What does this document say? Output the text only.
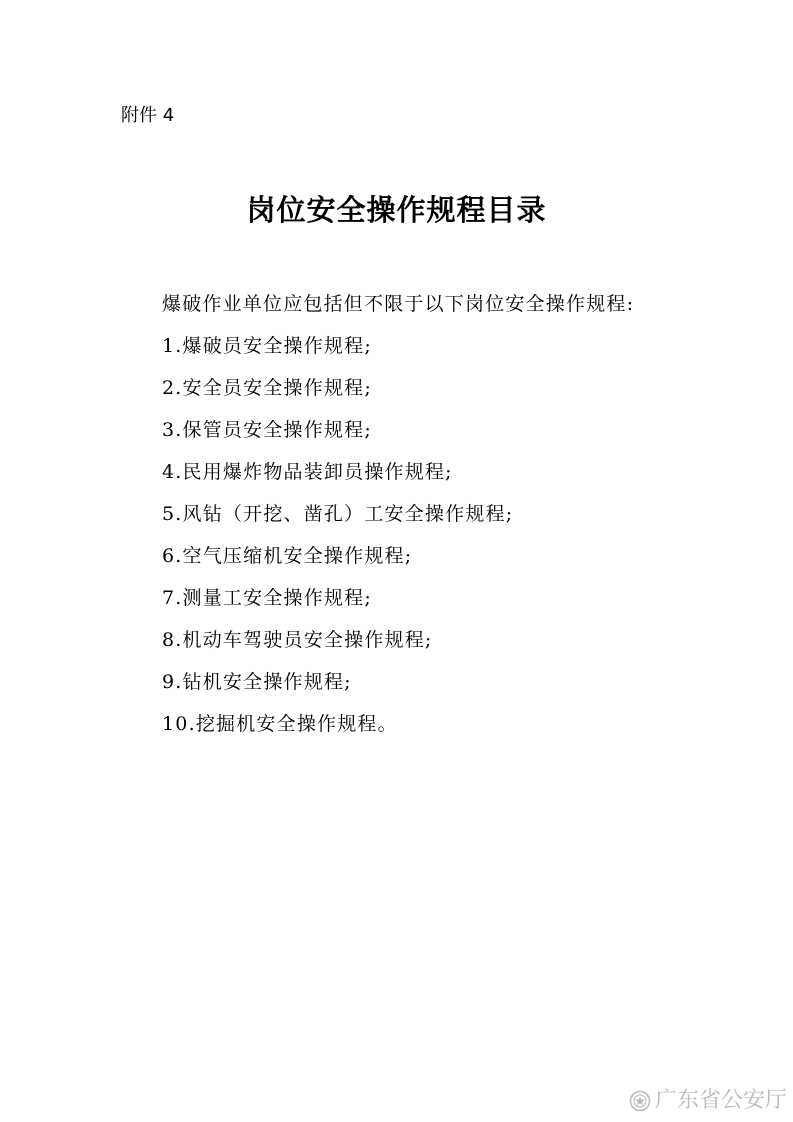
附件 4
岗位安全操作规程目录
爆破作业单位应包括但不限于以下岗位安全操作规程:
1.爆破员安全操作规程;
2.安全员安全操作规程;
3.保管员安全操作规程;
4.民用爆炸物品装卸员操作规程;
5.风钻（开挖、凿孔）工安全操作规程;
6.空气压缩机安全操作规程;
7.测量工安全操作规程;
8.机动车驾驶员安全操作规程;
9.钻机安全操作规程;
10.挖掘机安全操作规程。
广东省公安厅
